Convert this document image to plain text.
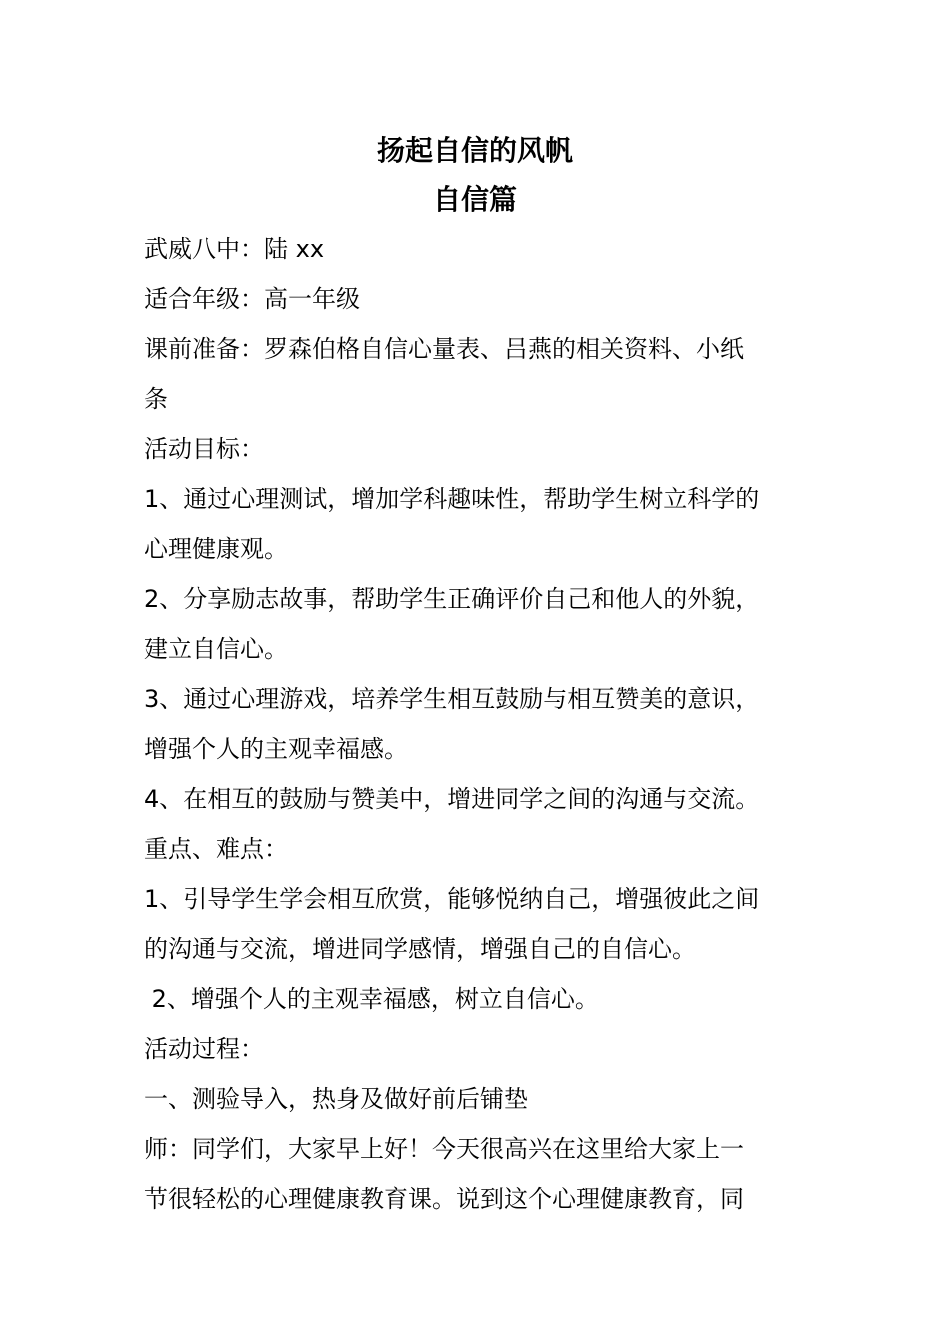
扬起自信的风帆
自信篇
武威八中：陆 xx
适合年级：高一年级
课前准备：罗森伯格自信心量表、吕燕的相关资料、小纸
条
活动目标：
1、通过心理测试，增加学科趣味性，帮助学生树立科学的
心理健康观。
2、分享励志故事，帮助学生正确评价自己和他人的外貌，
建立自信心。
3、通过心理游戏，培养学生相互鼓励与相互赞美的意识，
增强个人的主观幸福感。
4、在相互的鼓励与赞美中，增进同学之间的沟通与交流。
重点、难点：
1、引导学生学会相互欣赏，能够悦纳自己，增强彼此之间
的沟通与交流，增进同学感情，增强自己的自信心。
2、增强个人的主观幸福感，树立自信心。
活动过程：
一、测验导入，热身及做好前后铺垫
师：同学们，大家早上好！今天很高兴在这里给大家上一
节很轻松的心理健康教育课。说到这个心理健康教育，同
